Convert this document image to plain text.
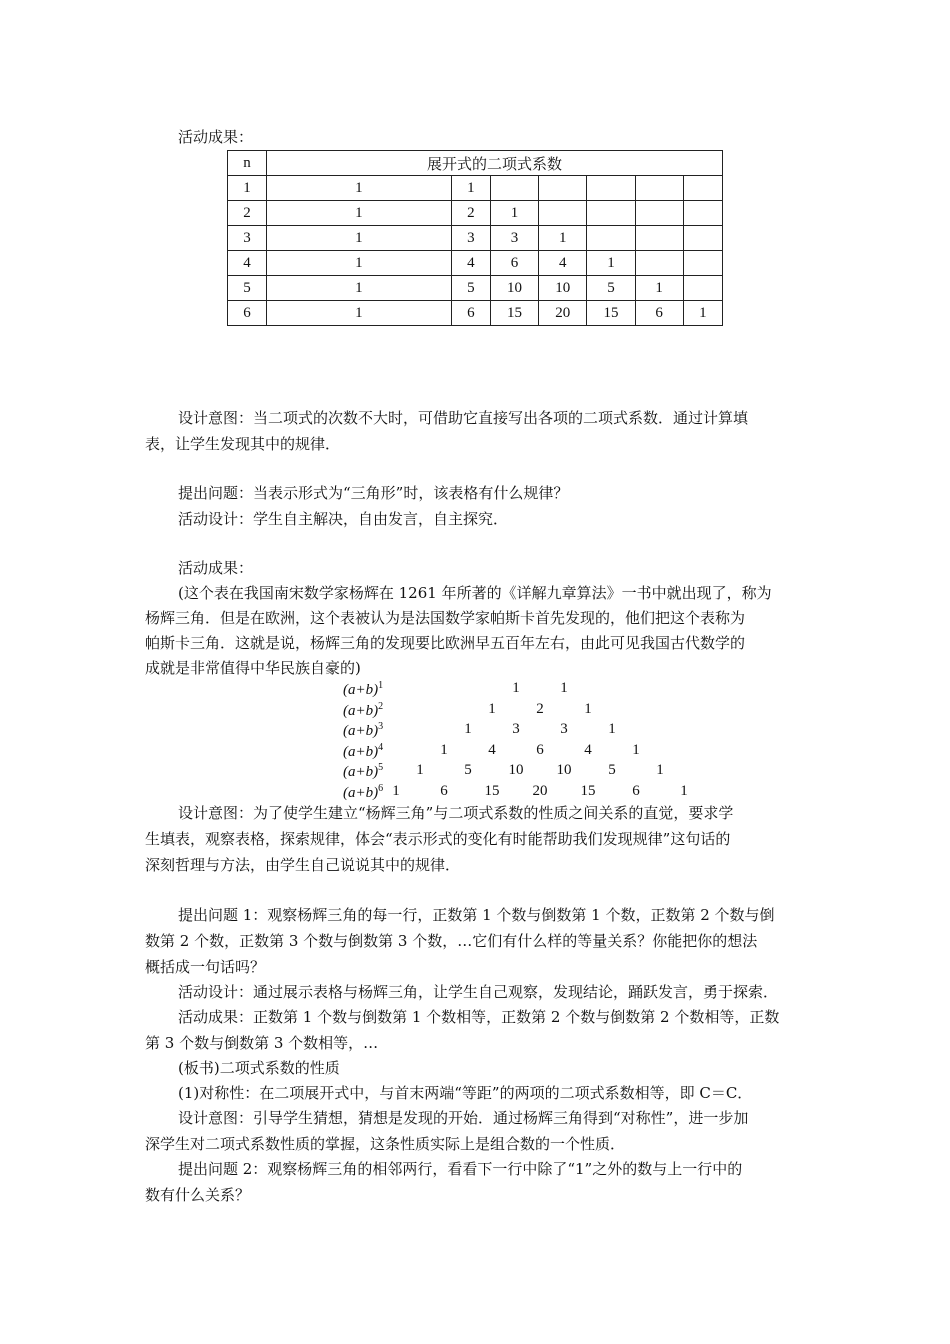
活动成果：
n	展开式的二项式系数						
1	1	1					
2	1	2	1				
3	1	3	3	1			
4	1	4	6	4	1		
5	1	5	10	10	5	1	
6	1	6	15	20	15	6	1
设计意图：当二项式的次数不大时，可借助它直接写出各项的二项式系数．通过计算填
表，让学生发现其中的规律．
提出问题：当表示形式为“三角形”时，该表格有什么规律？
活动设计：学生自主解决，自由发言，自主探究．
活动成果：
(这个表在我国南宋数学家杨辉在 1261 年所著的《详解九章算法》一书中就出现了，称为
杨辉三角．但是在欧洲，这个表被认为是法国数学家帕斯卡首先发现的，他们把这个表称为
帕斯卡三角．这就是说，杨辉三角的发现要比欧洲早五百年左右，由此可见我国古代数学的
成就是非常值得中华民族自豪的)
$(a+b)^1$	1	1
$(a+b)^2$	1	2	1
$(a+b)^3$	1	3	3	1
$(a+b)^4$	1	4	6	4	1
$(a+b)^5$ 1	5 10 10 5	1
$(a+b)^6$ 1	6 15 20 15 6	1
设计意图：为了使学生建立“杨辉三角”与二项式系数的性质之间关系的直觉，要求学
生填表，观察表格，探索规律，体会“表示形式的变化有时能帮助我们发现规律”这句话的
深刻哲理与方法，由学生自己说说其中的规律．
提出问题 1：观察杨辉三角的每一行，正数第 1 个数与倒数第 1 个数，正数第 2 个数与倒
数第 2 个数，正数第 3 个数与倒数第 3 个数，…它们有什么样的等量关系？你能把你的想法
概括成一句话吗？
活动设计：通过展示表格与杨辉三角，让学生自己观察，发现结论，踊跃发言，勇于探索．
活动成果：正数第 1 个数与倒数第 1 个数相等，正数第 2 个数与倒数第 2 个数相等，正数
第 3 个数与倒数第 3 个数相等，…
(板书)二项式系数的性质
(1)对称性：在二项展开式中，与首末两端“等距”的两项的二项式系数相等，即 C＝C．
设计意图：引导学生猜想，猜想是发现的开始．通过杨辉三角得到“对称性”，进一步加
深学生对二项式系数性质的掌握，这条性质实际上是组合数的一个性质．
提出问题 2：观察杨辉三角的相邻两行，看看下一行中除了“1”之外的数与上一行中的
数有什么关系？
